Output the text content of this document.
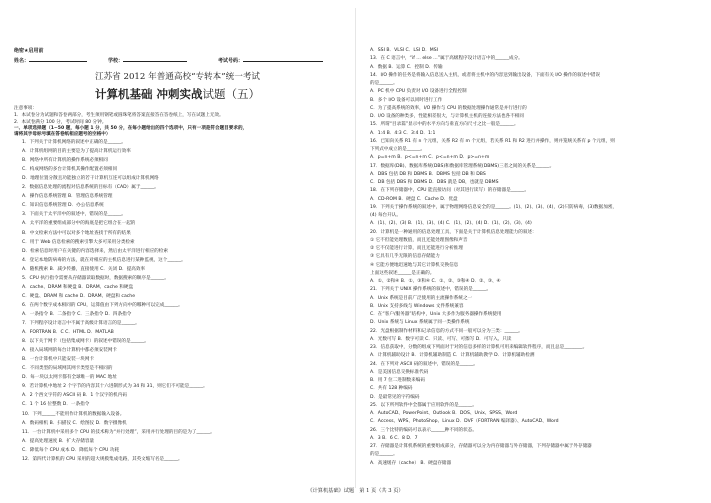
绝密★启用前
姓名：	学校：	考试号码：
江苏省 2012 年普通高校“专转本”统一考试
计算机基础 冲刺实战试题（五）
注意事项：
1．本试卷分为试题和答卷两部分，考生须用钢笔或圆珠笔将答案直接答在答卷纸上，写在试题上无效。
2．本试卷满分 100 分，考试时间 80 分钟。
一、单项选择题（1~50 题，每小题 1 分，共 50 分，在每小题给出的四个选项中，只有一项是符合题目要求的，
请将其字母标号填在答卷纸相应题号的空格中）
1．下列关于计算机网络的叙述中正确的是______。
A．计算机组网的目的主要是为了提高计算机运行效率
B．网络中所有计算机的操作系统必须相同
C．构成网络的多台计算机其操作配置必须相同
D．地理位置分散且功能独立的若干计算机互连可以组成计算机网络
2．数据信息处理的流程对信息系统的目标有（CAD）属于______。
A．操作信息系统管理 B．管理信息系统管理
C．知识信息系统管理 D．办公信息系统
3．下面关于太平洋中的叙述中，错误的是______。
A．太平洋的重要组成部分中的海底是把它组合在一起的
B．中文检索方法中可以对多个地址查找于所有的结果
C．用于 Web 信息检索的搜索引擎大多可采用分类检索
D．检索信息时用户在关键的内容选择来，然后由太平洋进行相应的检索
4．登记本地防病毒的方法，就在对相应的主机信息进行某种监视，这个______。
A．随机搜索 B．减少传播，直接使用 C．关闭 D．提高效率
5．CPU 执行指令需要从存储器读取数据时，数据搜索的顺序是______。
A．cache、DRAM 和硬盘 B．DRAM、cache 和硬盘
C．硬盘、DRAM 和 cache D．DRAM、硬盘和 cache
6．在两个数字成本相同的 CPU，运算值由下列方向中的哪种可以完成______。
A．一条指令 B．二条指令 C．三条指令 D．四条指令
7．下列程序设计语言中不属于高级计算语言的是______。
A．FORTRAN B．C C．HTML D．MATLAB
8．以下关于网卡（包括集成网卡）的叙述中错误的是______。
A．接入局域网的每台计算机中都必须安装网卡
B．一台计算机中只能安装一块网卡
C．不同类型的局域网其网卡类型是不相同的
D．每一块以太网卡都有全球唯一的 MAC 地址
9．若计算机中地址 2 个字节的内容其十六进制形式为 34 和 31，则它们不可能是______。
A．2 个西文字符的 ASCII 码 B．1 个汉字的机内码
C．1 个 16 位整数 D．一条指令
10．下列______不能用作计算机的数据输入设备。
A．数码相机 B．扫描仪 C．绘图仪 D．数字摄像机
11．一台计算机中采用多个 CPU 的技术称为“并行处理”，采用并行处理的目的是为了______。
A．提高处理速度 B．扩大存储容量
C．降低每个 CPU 成本 D．降低每个 CPU 功耗
12．第四代计算机的 CPU 采用的超大规模集成电路，其英文缩写名是______。
A．SSI B．VLSI C．LSI D．MSI
13．在 C 语言中，“if … else …”属于高级程序设计语言中的______成分。
A．数据 B．运算 C．控制 D．传输
14．I/O 操作的任务是将输入信息送入主机，或者将主机中的内容送到输出设备，下面有关 I/O 操作的叙述中错误
的是______。
A．PC 机中 CPU 负责对 I/O 设备进行全程控制
B．多个 I/O 设备可以同时进行工作
C．为了提高系统的效率，I/O 操作与 CPU 的数据处理操作通常是并行进行的
D．I/O 设备的种类多，性能相差很大，与计算机主机的连接方法也各不相同
15．所谓“目录篇”显示中的水平方向与垂直方向尺寸之比一般是______。
A．1:4 B．4:3 C．3:4 D．1:1
16．已知向关系 R1 有 n 个元组，关系 R2 有 m 个元组，若关系 R1 和 R2 进行并操作，则并笼统关系有 p 个元组，则
下列式中成立的是______。
A．p=n+m B．p<=n+m C．p<=n+m D．p>=n+m
17．数据库(DB)、数据库系统(DBS)和数据库管理系统(DBMS)三者之间的关系是______。
A．DBS 包括 DB 和 DBMS B．DBMS 包括 DB 和 DBS
C．DB 包括 DBS 和 DBMS D．DBS 就是 DB，也就是 DBMS
18．在下列存储器中，CPU 能直接访问（对其进行读写）的存储器是______。
A．CD-ROM B．硬盘 C．Cache D．优盘
19．下列关于操作系统的叙述中，属于物理网络信息安全的是______。(1)、(2)、(3)、(4)，(2)只防病毒，(3)数据加密，
(4) 每台开认。
A．(1)、(2)、(3) B．(1)、(3)、(4) C．(1)、(2)、(4) D．(1)、(2)、(3)、(4)
20．计算机是一种通用的信息处理工具，下面是关于计算机信息处理能力的叙述：
① 它不但能处理数值，而且还能处理图像和声音
② 它不仅能进行计算，而且还能进行分析推理
③ 它具有几乎无限的信息存储能力
④ 它能方便地迅速地与其它计算机交换信息
上面这些叙述______是正确的。
A．①、②和④ B．①、③和④ C．①、②、③和④ D．②、③、④
21．下列关于 UNIX 操作系统的叙述中，错误的是______。
A．Unix 系统是目前广泛使用的主流操作系统之一
B．Unix 支持多线与 Windows 文件系统兼容
C．在“客户/服务器”结构中，Unix 大多作为服务器操作系统使用
D．Unix 系统与 Linux 系统属于同一类操作系统
22．光盘根据制作材料和记录信息的方式不同一般可以分为三类：______。
A．光数可写 B．数字可读 C．只读、可写、可擦写 D．可写入、只读
23．信息获取中，分数的组成下列面对于对的信息多样的计算机可用来编辑软件程序，而且总是________。
A．计算机辅助设计 B．计算机辅助制造 C．计算机辅助教学 D．计算机辅助检测
24．在下列对 ASCII 码的叙述中，错误的是______。
A．是美国信息交换标准代码
B．用 7 位二进制数来编码
C．共有 128 种编码
D．是最常见的字符编码
25．以下所列软件中全都属于应用软件的是______。
A．AutoCAD、PowerPoint、Outlook B．DOS、Unix、SPSS、Word
C．Access、WPS、PhotoShop、Linux D．DVF（FORTRAN 编译器）、AutoCAD、Word
26．三个比特的编码可以表示______种不同的状态。
A．3 B．6 C．8 D．7
27．存储器是计算机系统的重要组成部分，存储器可以分为内存储器与外存储器，下列存储器中属于外存储器
的是______。
A．高速缓存（cache） B．硬盘存储器
《计算机基础》试题　第 1 页（共 3 页）
